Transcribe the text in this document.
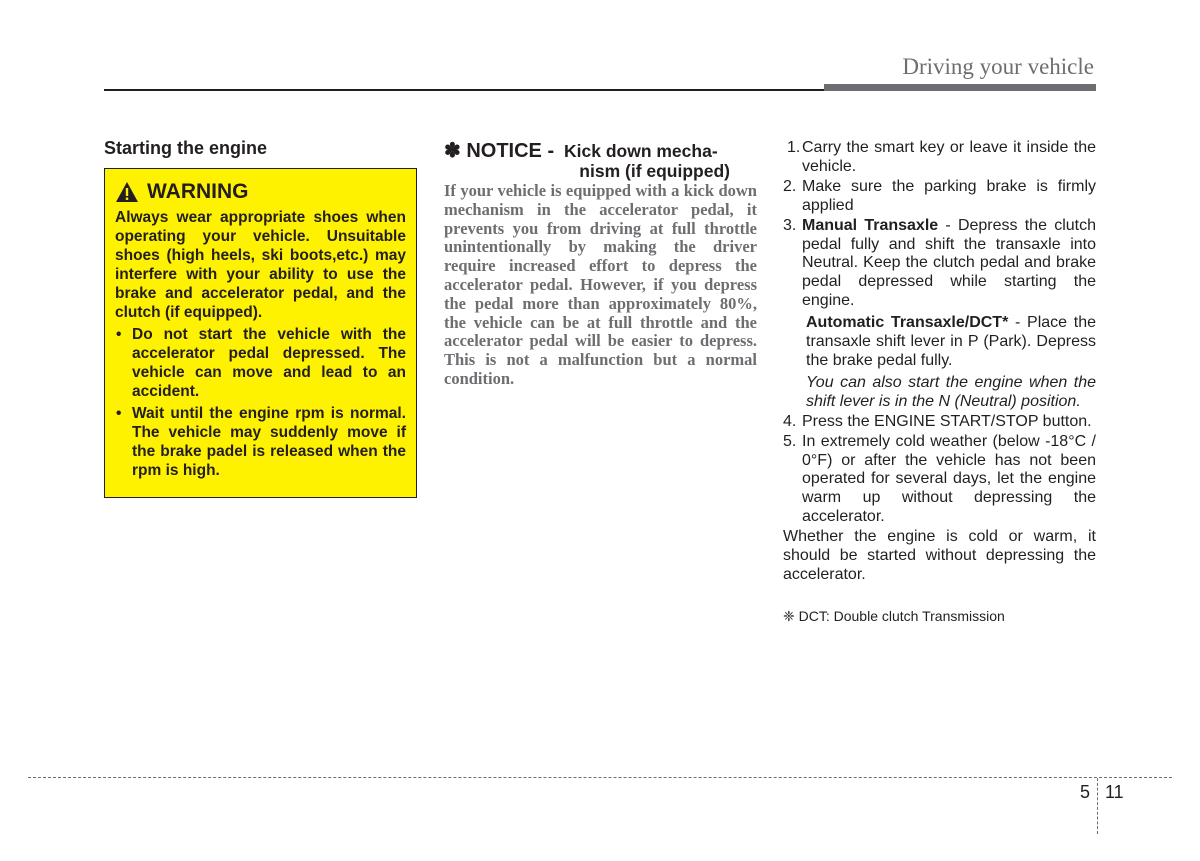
Driving your vehicle
Starting the engine
WARNING
Always wear appropriate shoes when operating your vehicle. Unsuitable shoes (high heels, ski boots,etc.) may interfere with your ability to use the brake and accelerator pedal, and the clutch (if equipped).
• Do not start the vehicle with the accelerator pedal depressed. The vehicle can move and lead to an accident.
• Wait until the engine rpm is normal. The vehicle may suddenly move if the brake padel is released when the rpm is high.
✽ NOTICE - Kick down mecha-
nism (if equipped)
If your vehicle is equipped with a kick down mechanism in the accelerator pedal, it prevents you from driving at full throttle unintentionally by making the driver require increased effort to depress the accelerator pedal. However, if you depress the pedal more than approximately 80%, the vehicle can be at full throttle and the accelerator pedal will be easier to depress. This is not a malfunction but a normal condition.
1. Carry the smart key or leave it inside the vehicle.
2. Make sure the parking brake is firmly applied
3. Manual Transaxle - Depress the clutch pedal fully and shift the transaxle into Neutral. Keep the clutch pedal and brake pedal depressed while starting the engine.
Automatic Transaxle/DCT* - Place the transaxle shift lever in P (Park). Depress the brake pedal fully.
You can also start the engine when the shift lever is in the N (Neutral) position.
4. Press the ENGINE START/STOP button.
5. In extremely cold weather (below -18°C / 0°F) or after the vehicle has not been operated for several days, let the engine warm up without depressing the accelerator.
Whether the engine is cold or warm, it should be started without depressing the accelerator.
❈ DCT: Double clutch Transmission
5 11
